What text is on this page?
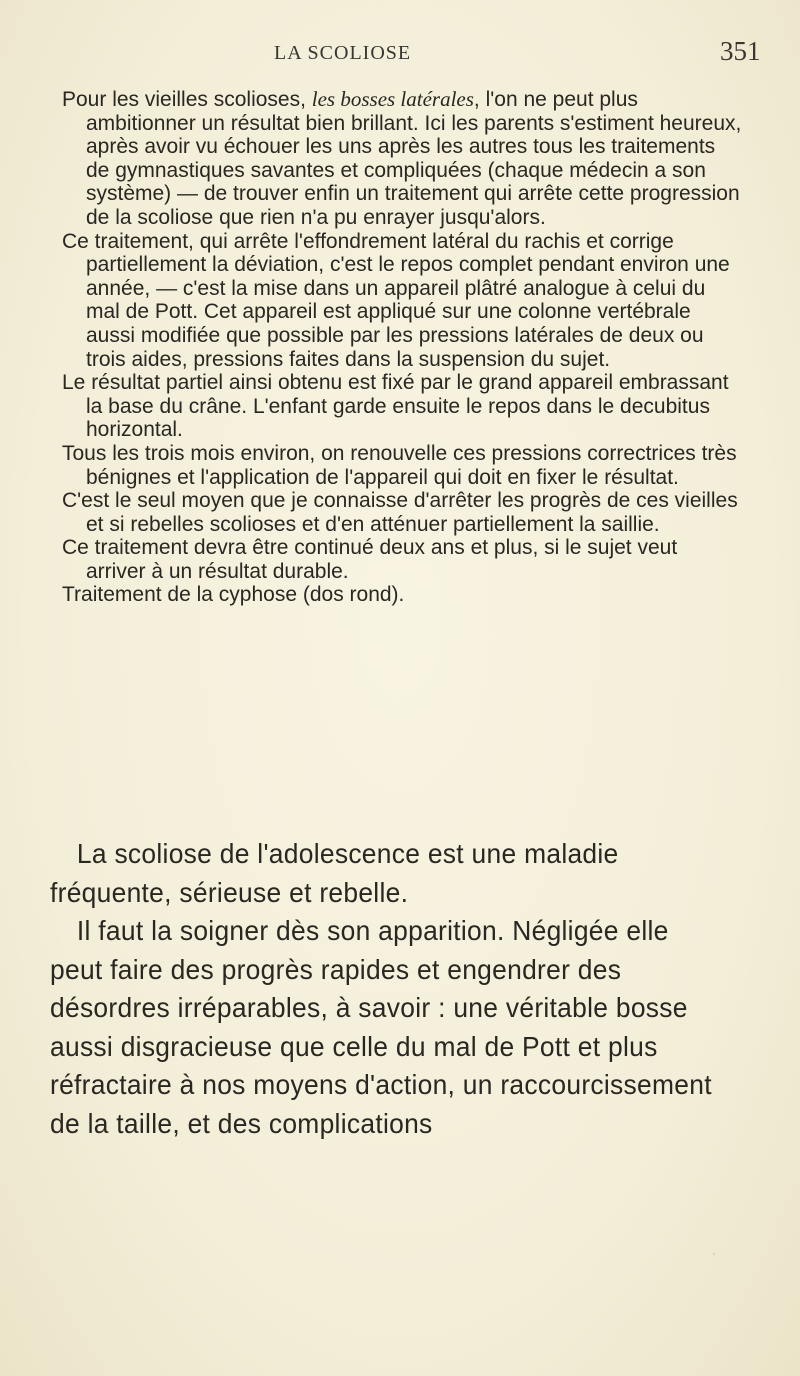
LA SCOLIOSE	351

Pour les vieilles scolioses, les bosses latérales, l'on ne peut plus ambitionner un résultat bien brillant. Ici les parents s'estiment heureux, après avoir vu échouer les uns après les autres tous les traitements de gymnastiques savantes et compliquées (chaque médecin a son système) — de trouver enfin un traitement qui arrête cette progression de la scoliose que rien n'a pu enrayer jusqu'alors.

Ce traitement, qui arrête l'effondrement latéral du rachis et corrige partiellement la déviation, c'est le repos complet pendant environ une année, — c'est la mise dans un appareil plâtré analogue à celui du mal de Pott. Cet appareil est appliqué sur une colonne vertébrale aussi modifiée que possible par les pressions latérales de deux ou trois aides, pressions faites dans la suspension du sujet.

Le résultat partiel ainsi obtenu est fixé par le grand appareil embrassant la base du crâne. L'enfant garde ensuite le repos dans le decubitus horizontal.

Tous les trois mois environ, on renouvelle ces pressions correctrices très bénignes et l'application de l'appareil qui doit en fixer le résultat.

C'est le seul moyen que je connaisse d'arrêter les progrès de ces vieilles et si rebelles scolioses et d'en atténuer partiellement la saillie.

Ce traitement devra être continué deux ans et plus, si le sujet veut arriver à un résultat durable.

Traitement de la cyphose (dos rond).

La scoliose de l'adolescence est une maladie fréquente, sérieuse et rebelle.

Il faut la soigner dès son apparition. Négligée elle peut faire des progrès rapides et engendrer des désordres irréparables, à savoir : une véritable bosse aussi disgracieuse que celle du mal de Pott et plus réfractaire à nos moyens d'action, un raccourcissement de la taille, et des complications

·
